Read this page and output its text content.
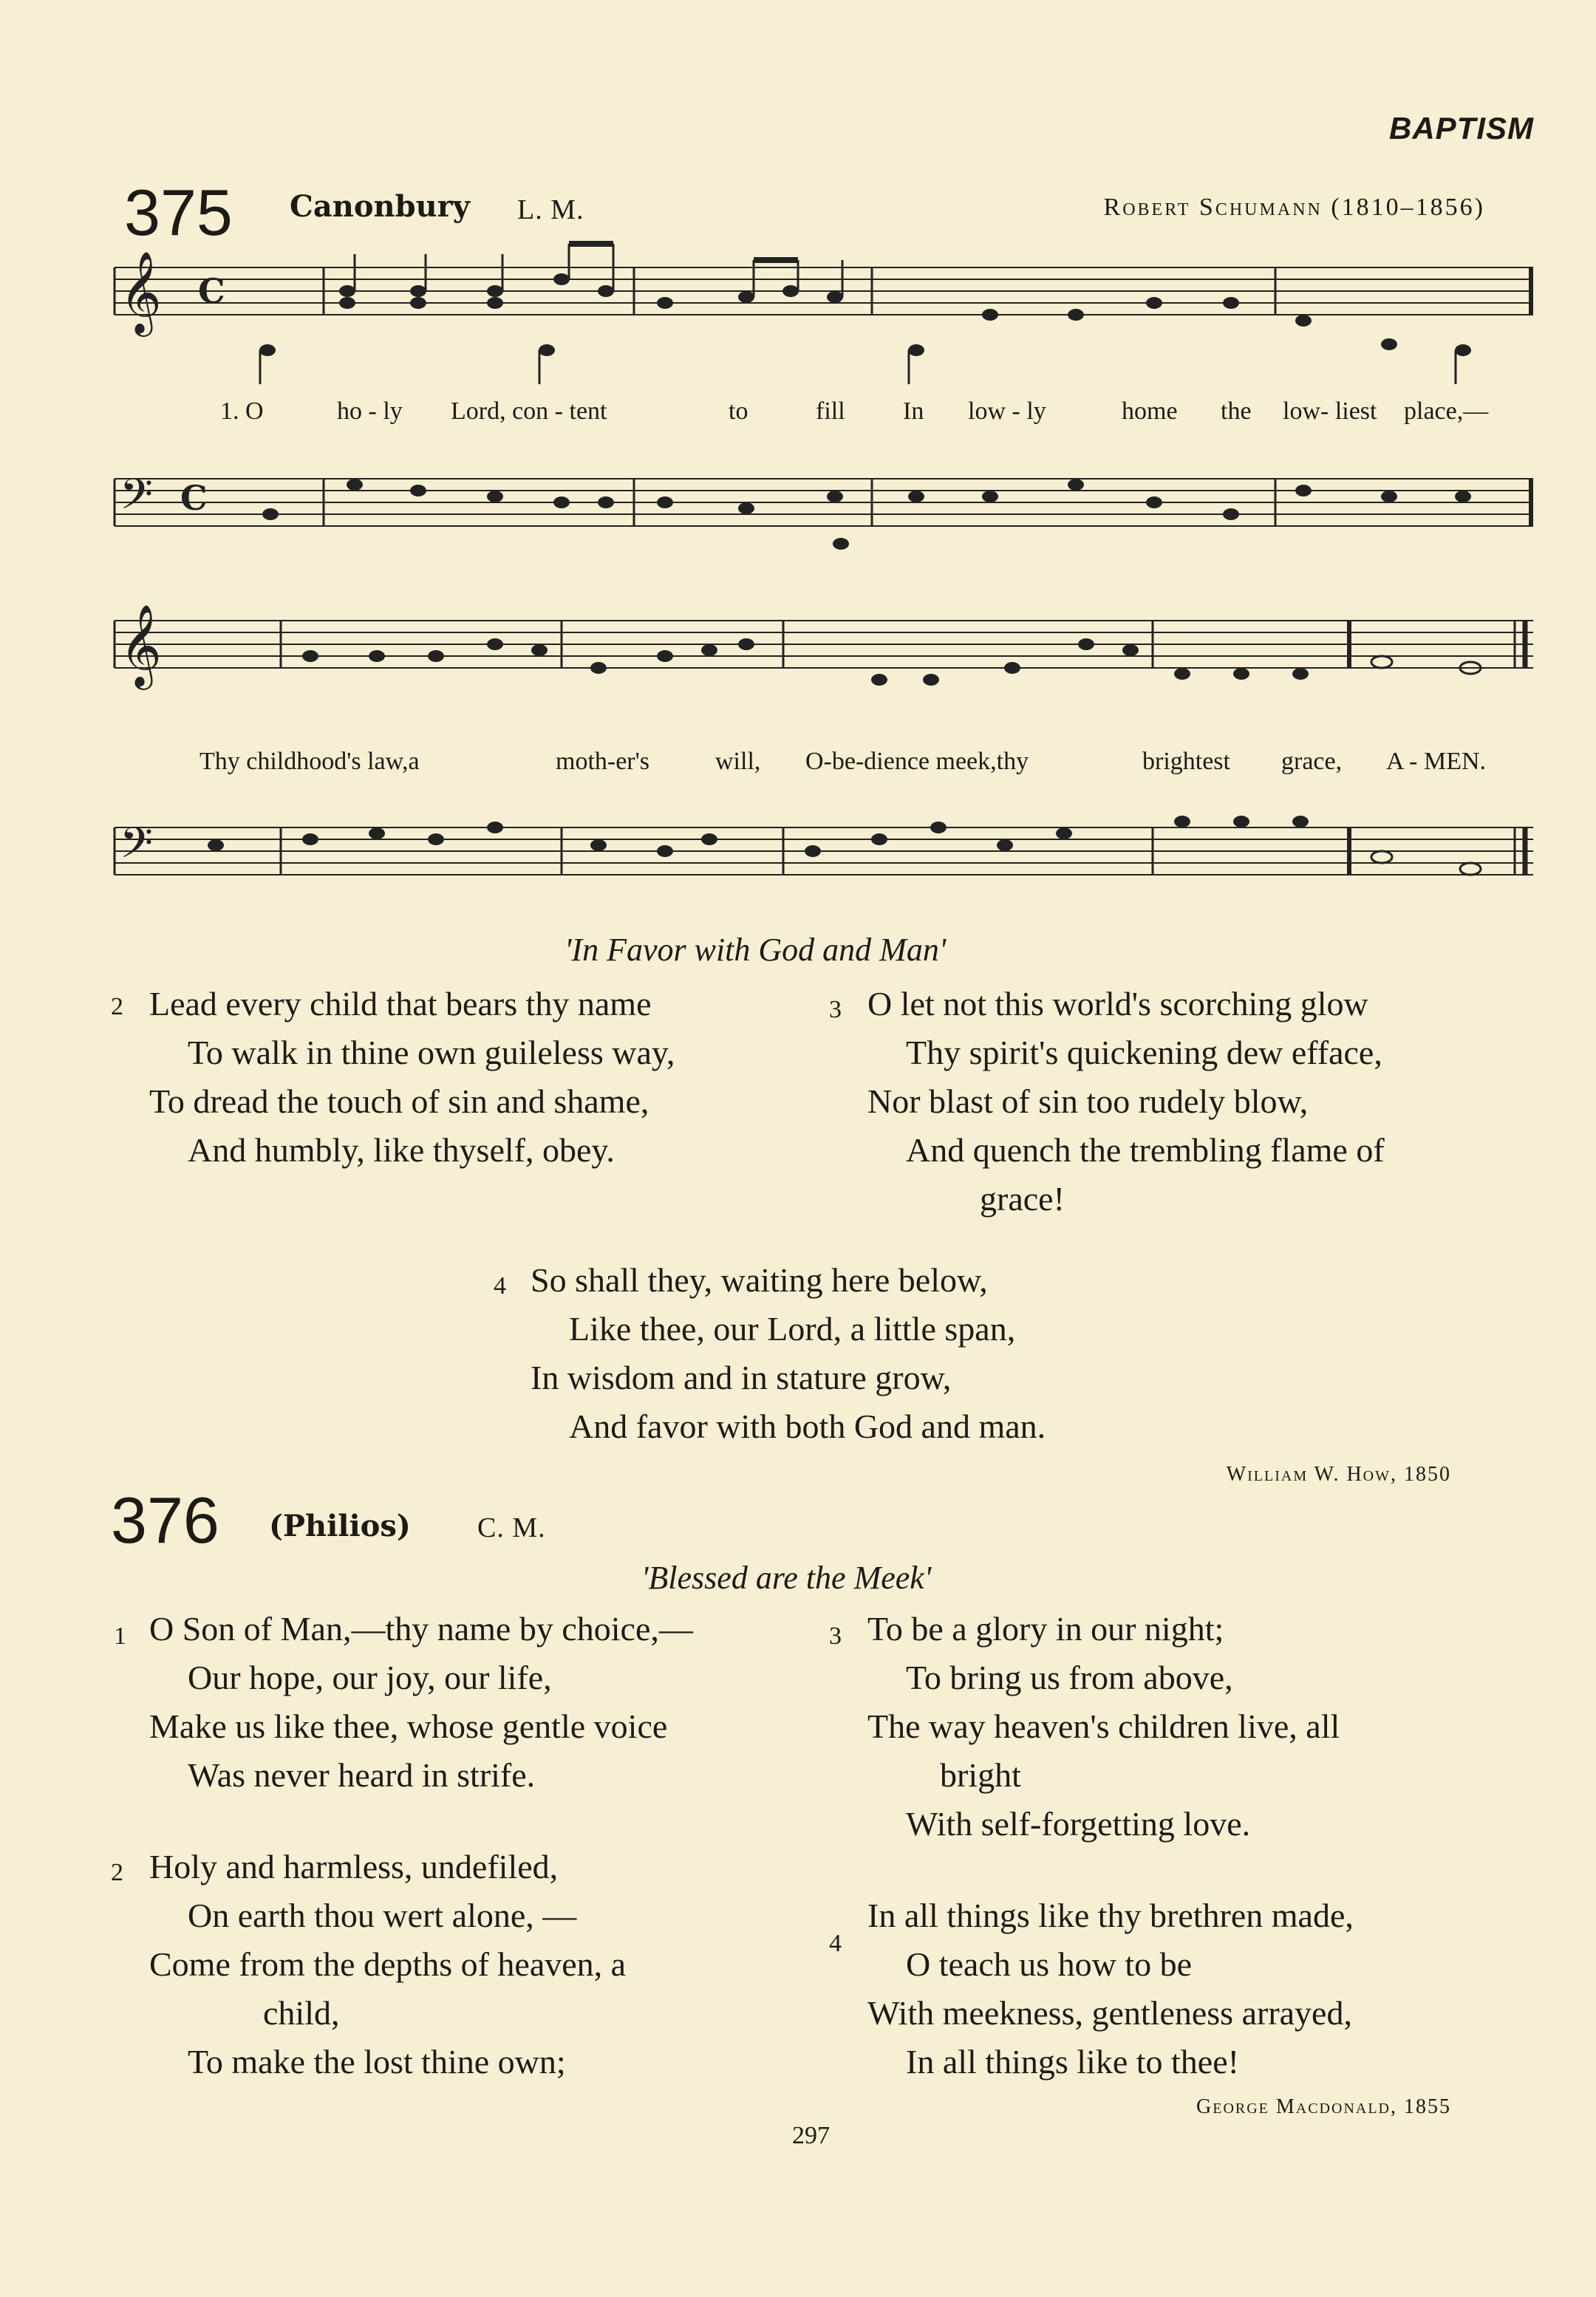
BAPTISM
375 Canonbury L. M.	Robert Schumann (1810–1856)
𝄞
𝄢
C
C
𝄞
𝄢
1. O	ho - ly Lord, con - tent	to	fill In low - ly	home the low- liest place,—
Thy childhood's law,a	moth-er's	will, O-be-dience meek,thy	brightest grace, A - MEN.
'In Favor with God and Man'
2 Lead every child that bears thy name
To walk in thine own guileless way,
To dread the touch of sin and shame,
And humbly, like thyself, obey.
3 O let not this world's scorching glow
Thy spirit's quickening dew efface,
Nor blast of sin too rudely blow,
And quench the trembling flame of
grace!
4 So shall they, waiting here below,
Like thee, our Lord, a little span,
In wisdom and in stature grow,
And favor with both God and man.
William W. How, 1850
376 (Philios) C. M.
'Blessed are the Meek'
1 O Son of Man,—thy name by choice,—
Our hope, our joy, our life,
Make us like thee, whose gentle voice
Was never heard in strife.
2 Holy and harmless, undefiled,
On earth thou wert alone, —
Come from the depths of heaven, a
child,
To make the lost thine own;
3 To be a glory in our night;
To bring us from above,
The way heaven's children live, all
bright
With self-forgetting love.
4
In all things like thy brethren made,
O teach us how to be
With meekness, gentleness arrayed,
In all things like to thee!
George Macdonald, 1855
297
